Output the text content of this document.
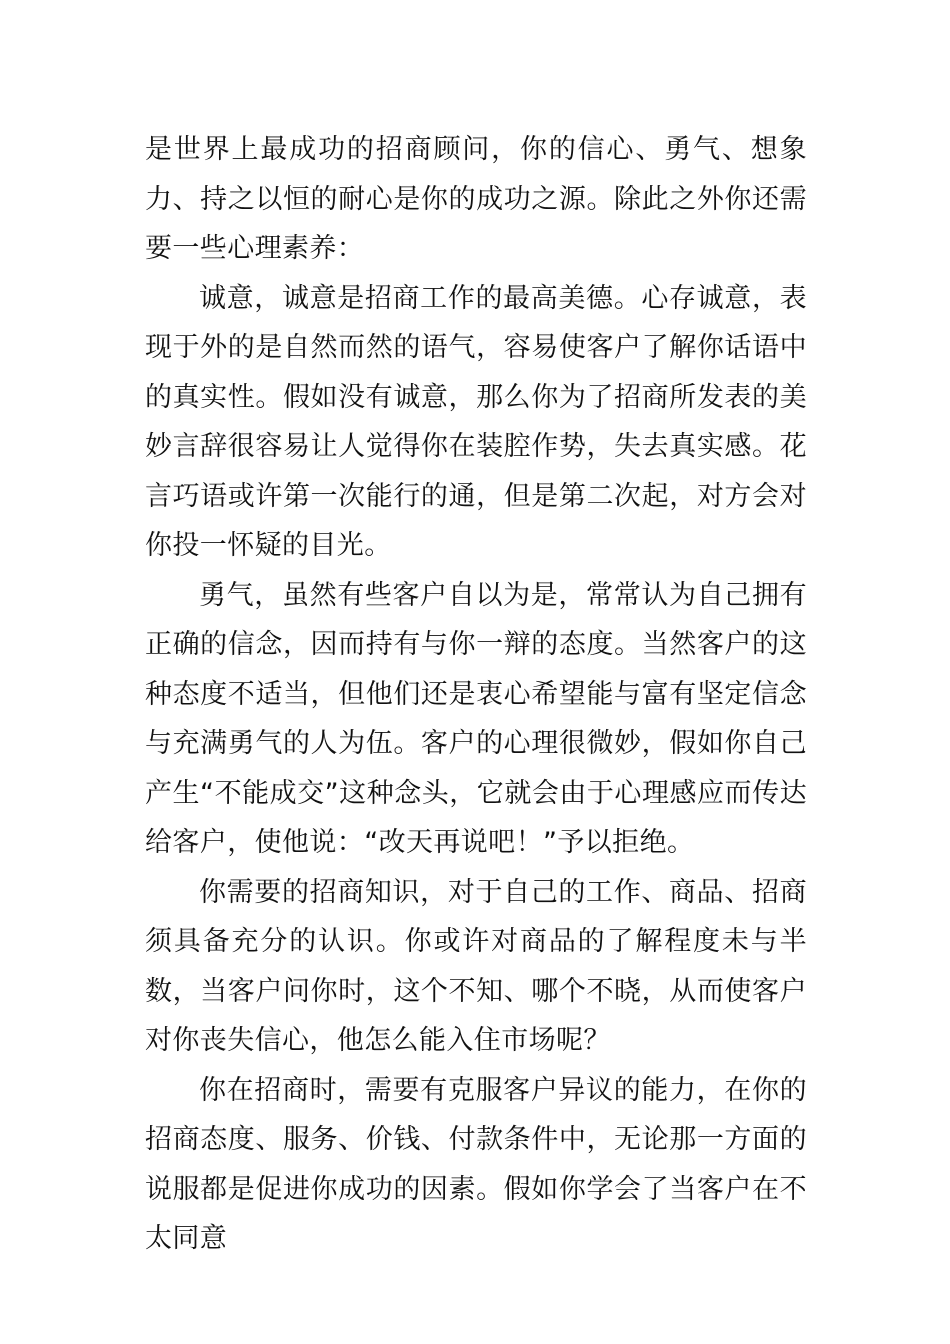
是世界上最成功的招商顾问，你的信心、勇气、想象力、持之以恒的耐心是你的成功之源。除此之外你还需要一些心理素养：

诚意，诚意是招商工作的最高美德。心存诚意，表现于外的是自然而然的语气，容易使客户了解你话语中的真实性。假如没有诚意，那么你为了招商所发表的美妙言辞很容易让人觉得你在装腔作势，失去真实感。花言巧语或许第一次能行的通，但是第二次起，对方会对你投一怀疑的目光。

勇气，虽然有些客户自以为是，常常认为自己拥有正确的信念，因而持有与你一辩的态度。当然客户的这种态度不适当，但他们还是衷心希望能与富有坚定信念与充满勇气的人为伍。客户的心理很微妙，假如你自己产生“不能成交”这种念头，它就会由于心理感应而传达给客户，使他说：“改天再说吧！”予以拒绝。

你需要的招商知识，对于自己的工作、商品、招商须具备充分的认识。你或许对商品的了解程度未与半数，当客户问你时，这个不知、哪个不晓，从而使客户对你丧失信心，他怎么能入住市场呢？

你在招商时，需要有克服客户异议的能力，在你的招商态度、服务、价钱、付款条件中，无论那一方面的说服都是促进你成功的因素。假如你学会了当客户在不太同意
